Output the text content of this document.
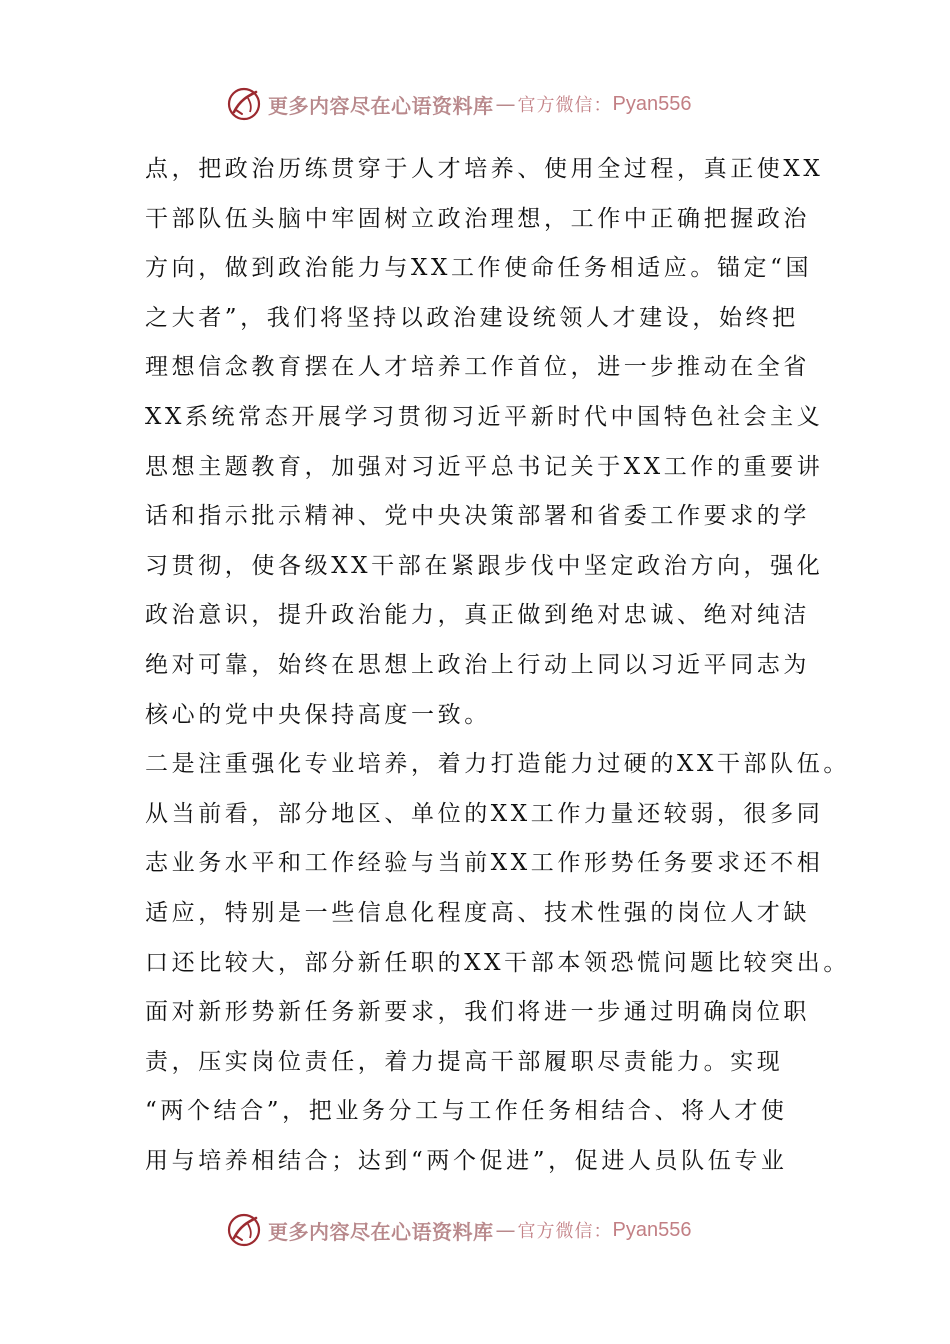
更多内容尽在心语资料库 — 官方微信： Pyan556
点，把政治历练贯穿于人才培养、使用全过程，真正使XX
干部队伍头脑中牢固树立政治理想，工作中正确把握政治
方向，做到政治能力与XX工作使命任务相适应。锚定“国
之大者”，我们将坚持以政治建设统领人才建设，始终把
理想信念教育摆在人才培养工作首位，进一步推动在全省
XX系统常态开展学习贯彻习近平新时代中国特色社会主义
思想主题教育，加强对习近平总书记关于XX工作的重要讲
话和指示批示精神、党中央决策部署和省委工作要求的学
习贯彻，使各级XX干部在紧跟步伐中坚定政治方向，强化
政治意识，提升政治能力，真正做到绝对忠诚、绝对纯洁
绝对可靠，始终在思想上政治上行动上同以习近平同志为
核心的党中央保持高度一致。
二是注重强化专业培养，着力打造能力过硬的XX干部队伍。
从当前看，部分地区、单位的XX工作力量还较弱，很多同
志业务水平和工作经验与当前XX工作形势任务要求还不相
适应，特别是一些信息化程度高、技术性强的岗位人才缺
口还比较大，部分新任职的XX干部本领恐慌问题比较突出。
面对新形势新任务新要求，我们将进一步通过明确岗位职
责，压实岗位责任，着力提高干部履职尽责能力。实现
“两个结合”，把业务分工与工作任务相结合、将人才使
用与培养相结合；达到“两个促进”，促进人员队伍专业
更多内容尽在心语资料库 — 官方微信： Pyan556
